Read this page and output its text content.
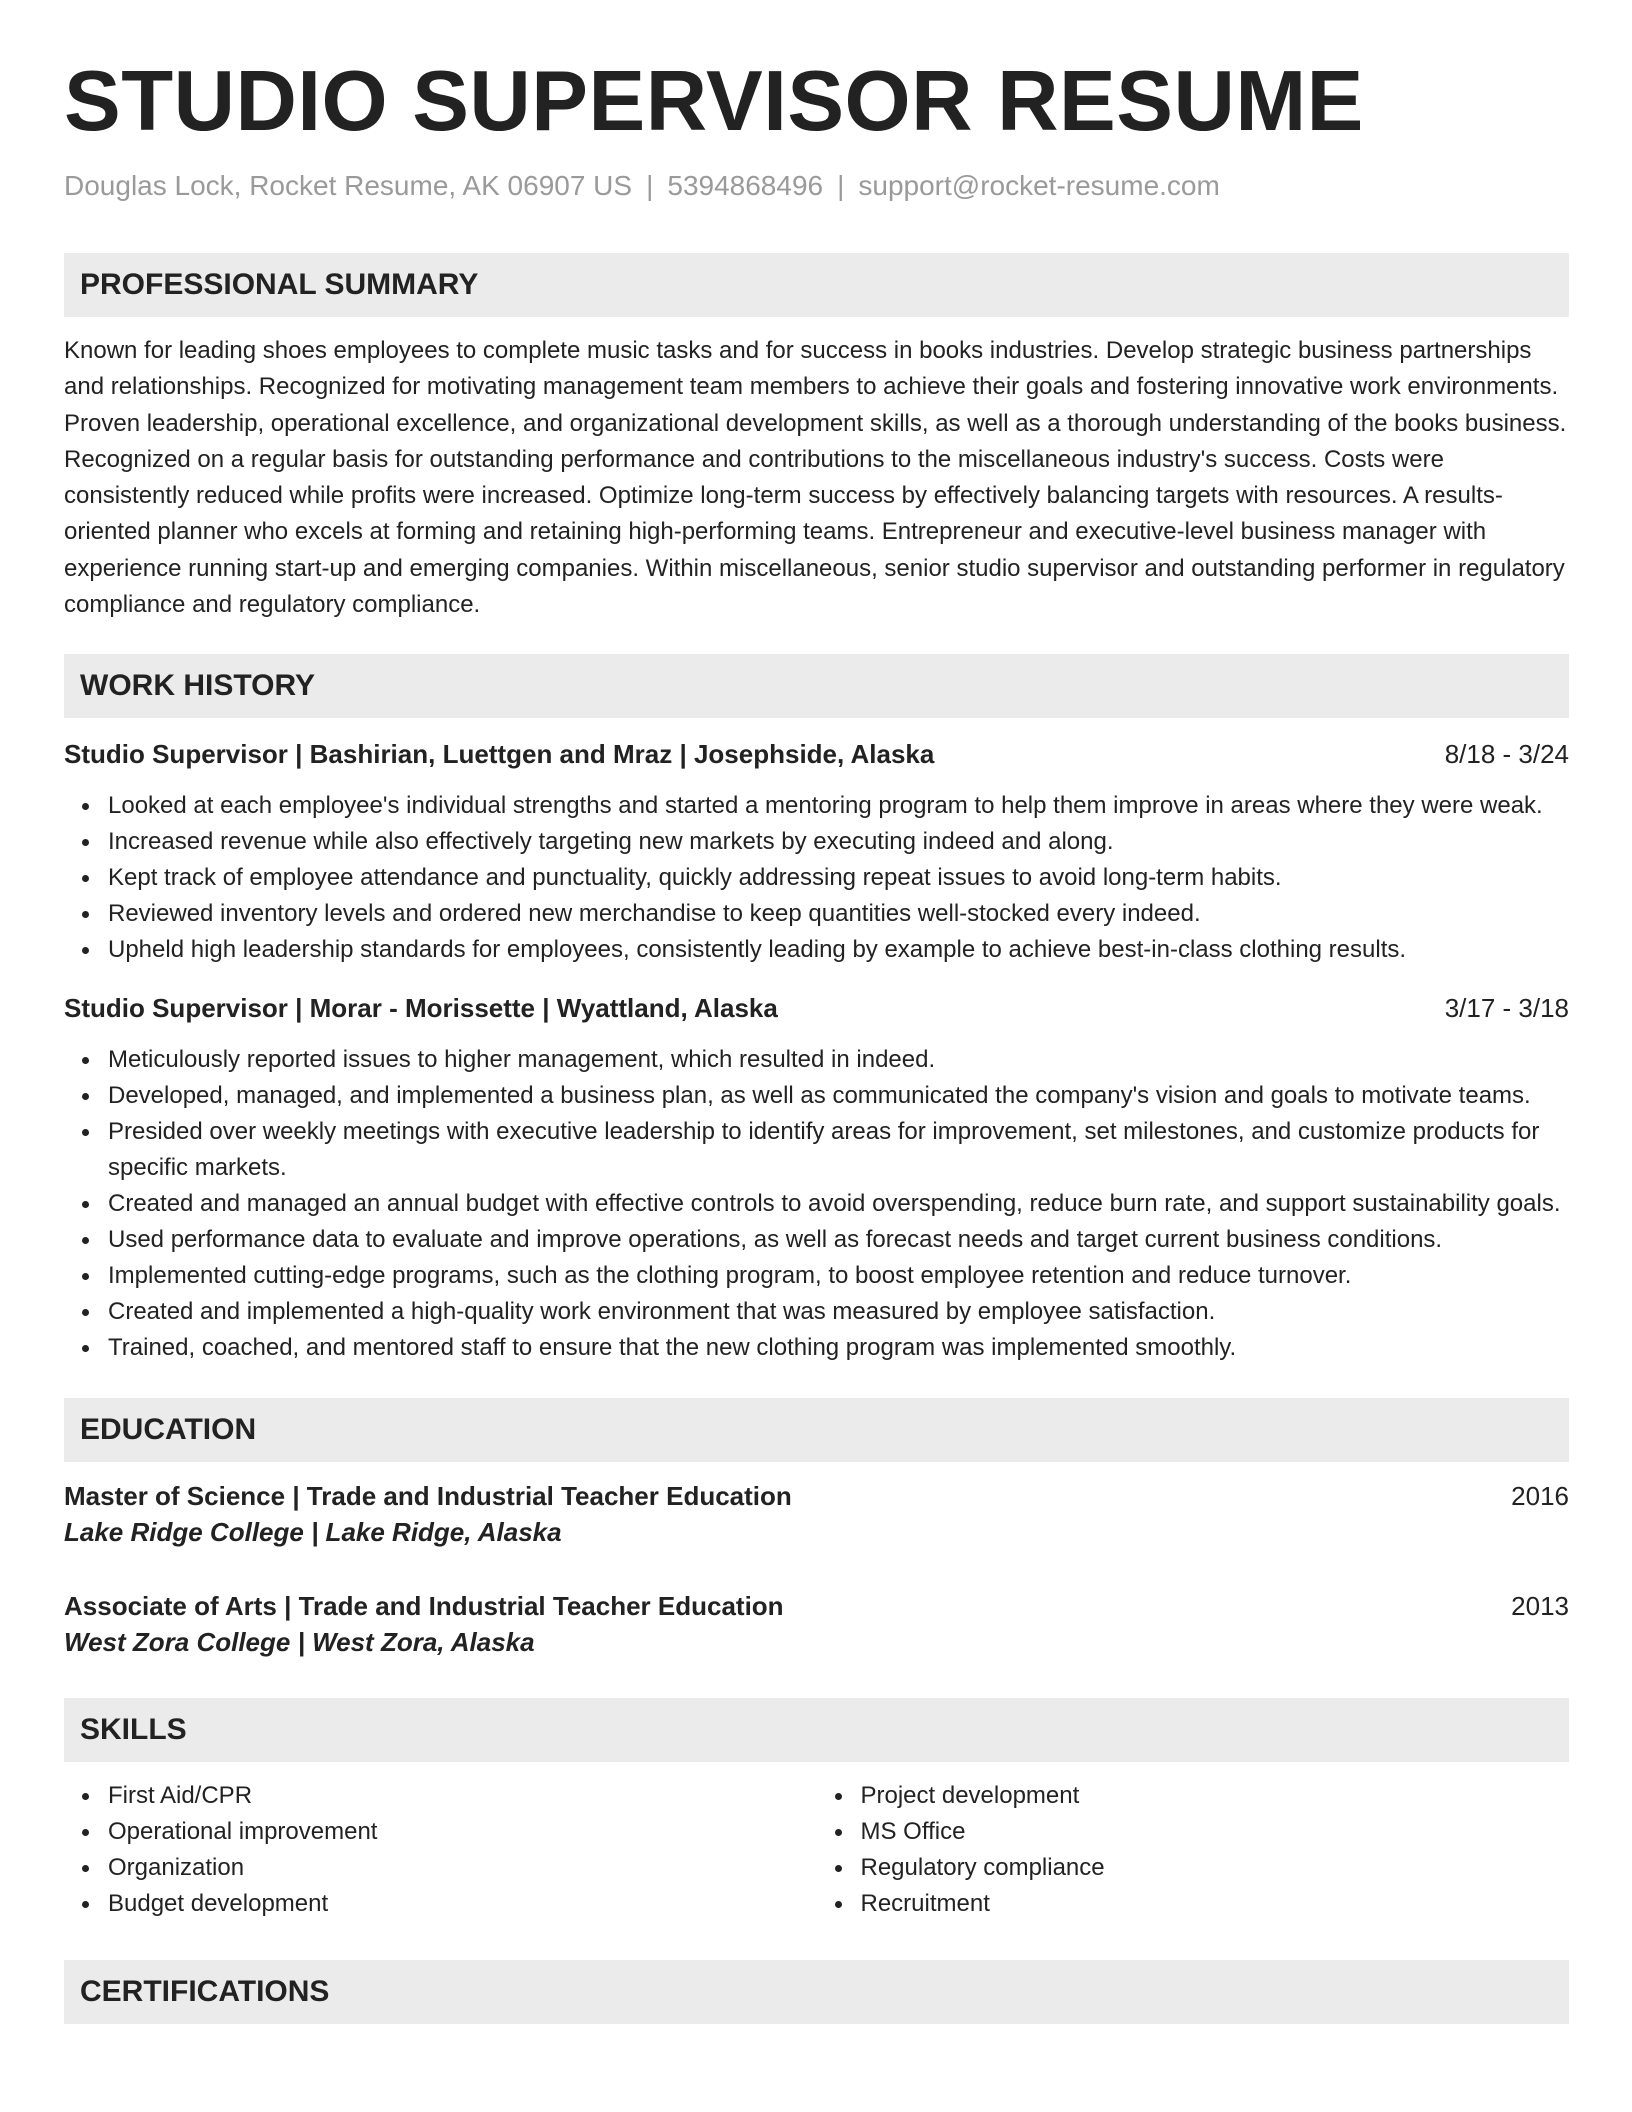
STUDIO SUPERVISOR RESUME
Douglas Lock, Rocket Resume, AK 06907 US | 5394868496 | support@rocket-resume.com
PROFESSIONAL SUMMARY

Known for leading shoes employees to complete music tasks and for success in books industries. Develop strategic business partnerships and relationships. Recognized for motivating management team members to achieve their goals and fostering innovative work environments. Proven leadership, operational excellence, and organizational development skills, as well as a thorough understanding of the books business. Recognized on a regular basis for outstanding performance and contributions to the miscellaneous industry's success. Costs were consistently reduced while profits were increased. Optimize long-term success by effectively balancing targets with resources. A results-oriented planner who excels at forming and retaining high-performing teams. Entrepreneur and executive-level business manager with experience running start-up and emerging companies. Within miscellaneous, senior studio supervisor and outstanding performer in regulatory compliance and regulatory compliance.

WORK HISTORY
Studio Supervisor | Bashirian, Luettgen and Mraz | Josephside, Alaska	8/18 - 3/24
Looked at each employee's individual strengths and started a mentoring program to help them improve in areas where they were weak.
Increased revenue while also effectively targeting new markets by executing indeed and along.
Kept track of employee attendance and punctuality, quickly addressing repeat issues to avoid long-term habits.
Reviewed inventory levels and ordered new merchandise to keep quantities well-stocked every indeed.
Upheld high leadership standards for employees, consistently leading by example to achieve best-in-class clothing results.
Studio Supervisor | Morar - Morissette | Wyattland, Alaska	3/17 - 3/18
Meticulously reported issues to higher management, which resulted in indeed.
Developed, managed, and implemented a business plan, as well as communicated the company's vision and goals to motivate teams.
Presided over weekly meetings with executive leadership to identify areas for improvement, set milestones, and customize products for specific markets.
Created and managed an annual budget with effective controls to avoid overspending, reduce burn rate, and support sustainability goals.
Used performance data to evaluate and improve operations, as well as forecast needs and target current business conditions.
Implemented cutting-edge programs, such as the clothing program, to boost employee retention and reduce turnover.
Created and implemented a high-quality work environment that was measured by employee satisfaction.
Trained, coached, and mentored staff to ensure that the new clothing program was implemented smoothly.
EDUCATION
Master of Science | Trade and Industrial Teacher Education	2016
Lake Ridge College | Lake Ridge, Alaska
Associate of Arts | Trade and Industrial Teacher Education	2013
West Zora College | West Zora, Alaska
SKILLS
First Aid/CPR
Operational improvement
Organization
Budget development
Project development
MS Office
Regulatory compliance
Recruitment
CERTIFICATIONS
